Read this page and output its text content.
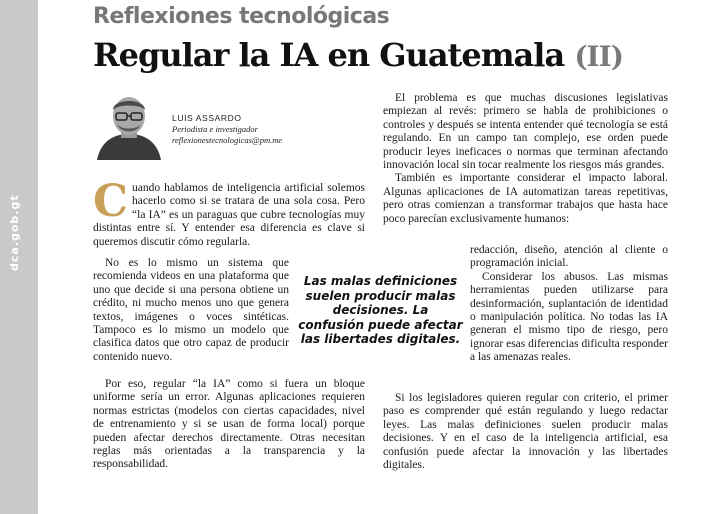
dca.gob.gt
Reflexiones tecnológicas
Regular la IA en Guatemala (II)
LUIS ASSARDO
Periodista e investigador
reflexionestecnologicas@pm.me
C uando hablamos de inteligencia artificial solemos hacerlo como si se tratara de una sola cosa. Pero “la IA” es un paraguas que cubre tecnologías muy distintas entre sí. Y entender esa diferencia es clave si queremos discutir cómo regularla.

No es lo mismo un sistema que recomienda videos en una plataforma que uno que decide si una persona obtiene un crédito, ni mucho menos uno que genera textos, imágenes o voces sintéticas. Tampoco es lo mismo un modelo que clasifica datos que otro capaz de producir contenido nuevo.

Por eso, regular “la IA” como si fuera un bloque uniforme sería un error. Algunas aplicaciones requieren normas estrictas (modelos con ciertas capacidades, nivel de entrenamiento y si se usan de forma local) porque pueden afectar derechos directamente. Otras necesitan reglas más orientadas a la transparencia y la responsabilidad.

Las malas definiciones suelen producir malas decisiones. La confusión puede afectar las libertades digitales.

El problema es que muchas discusiones legislativas empiezan al revés: primero se habla de prohibiciones o controles y después se intenta entender qué tecnología se está regulando. En un campo tan complejo, ese orden puede producir leyes ineficaces o normas que terminan afectando innovación local sin tocar realmente los riesgos más grandes.

También es importante considerar el impacto laboral. Algunas aplicaciones de IA automatizan tareas repetitivas, pero otras comienzan a transformar trabajos que hasta hace poco parecían exclusivamente humanos:

redacción, diseño, atención al cliente o programación inicial.

Considerar los abusos. Las mismas herramientas pueden utilizarse para desinformación, suplantación de identidad o manipulación política. No todas las IA generan el mismo tipo de riesgo, pero ignorar esas diferencias dificulta responder a las amenazas reales.

Si los legisladores quieren regular con criterio, el primer paso es comprender qué están regulando y luego redactar leyes. Las malas definiciones suelen producir malas decisiones. Y en el caso de la inteligencia artificial, esa confusión puede afectar la innovación y las libertades digitales.
